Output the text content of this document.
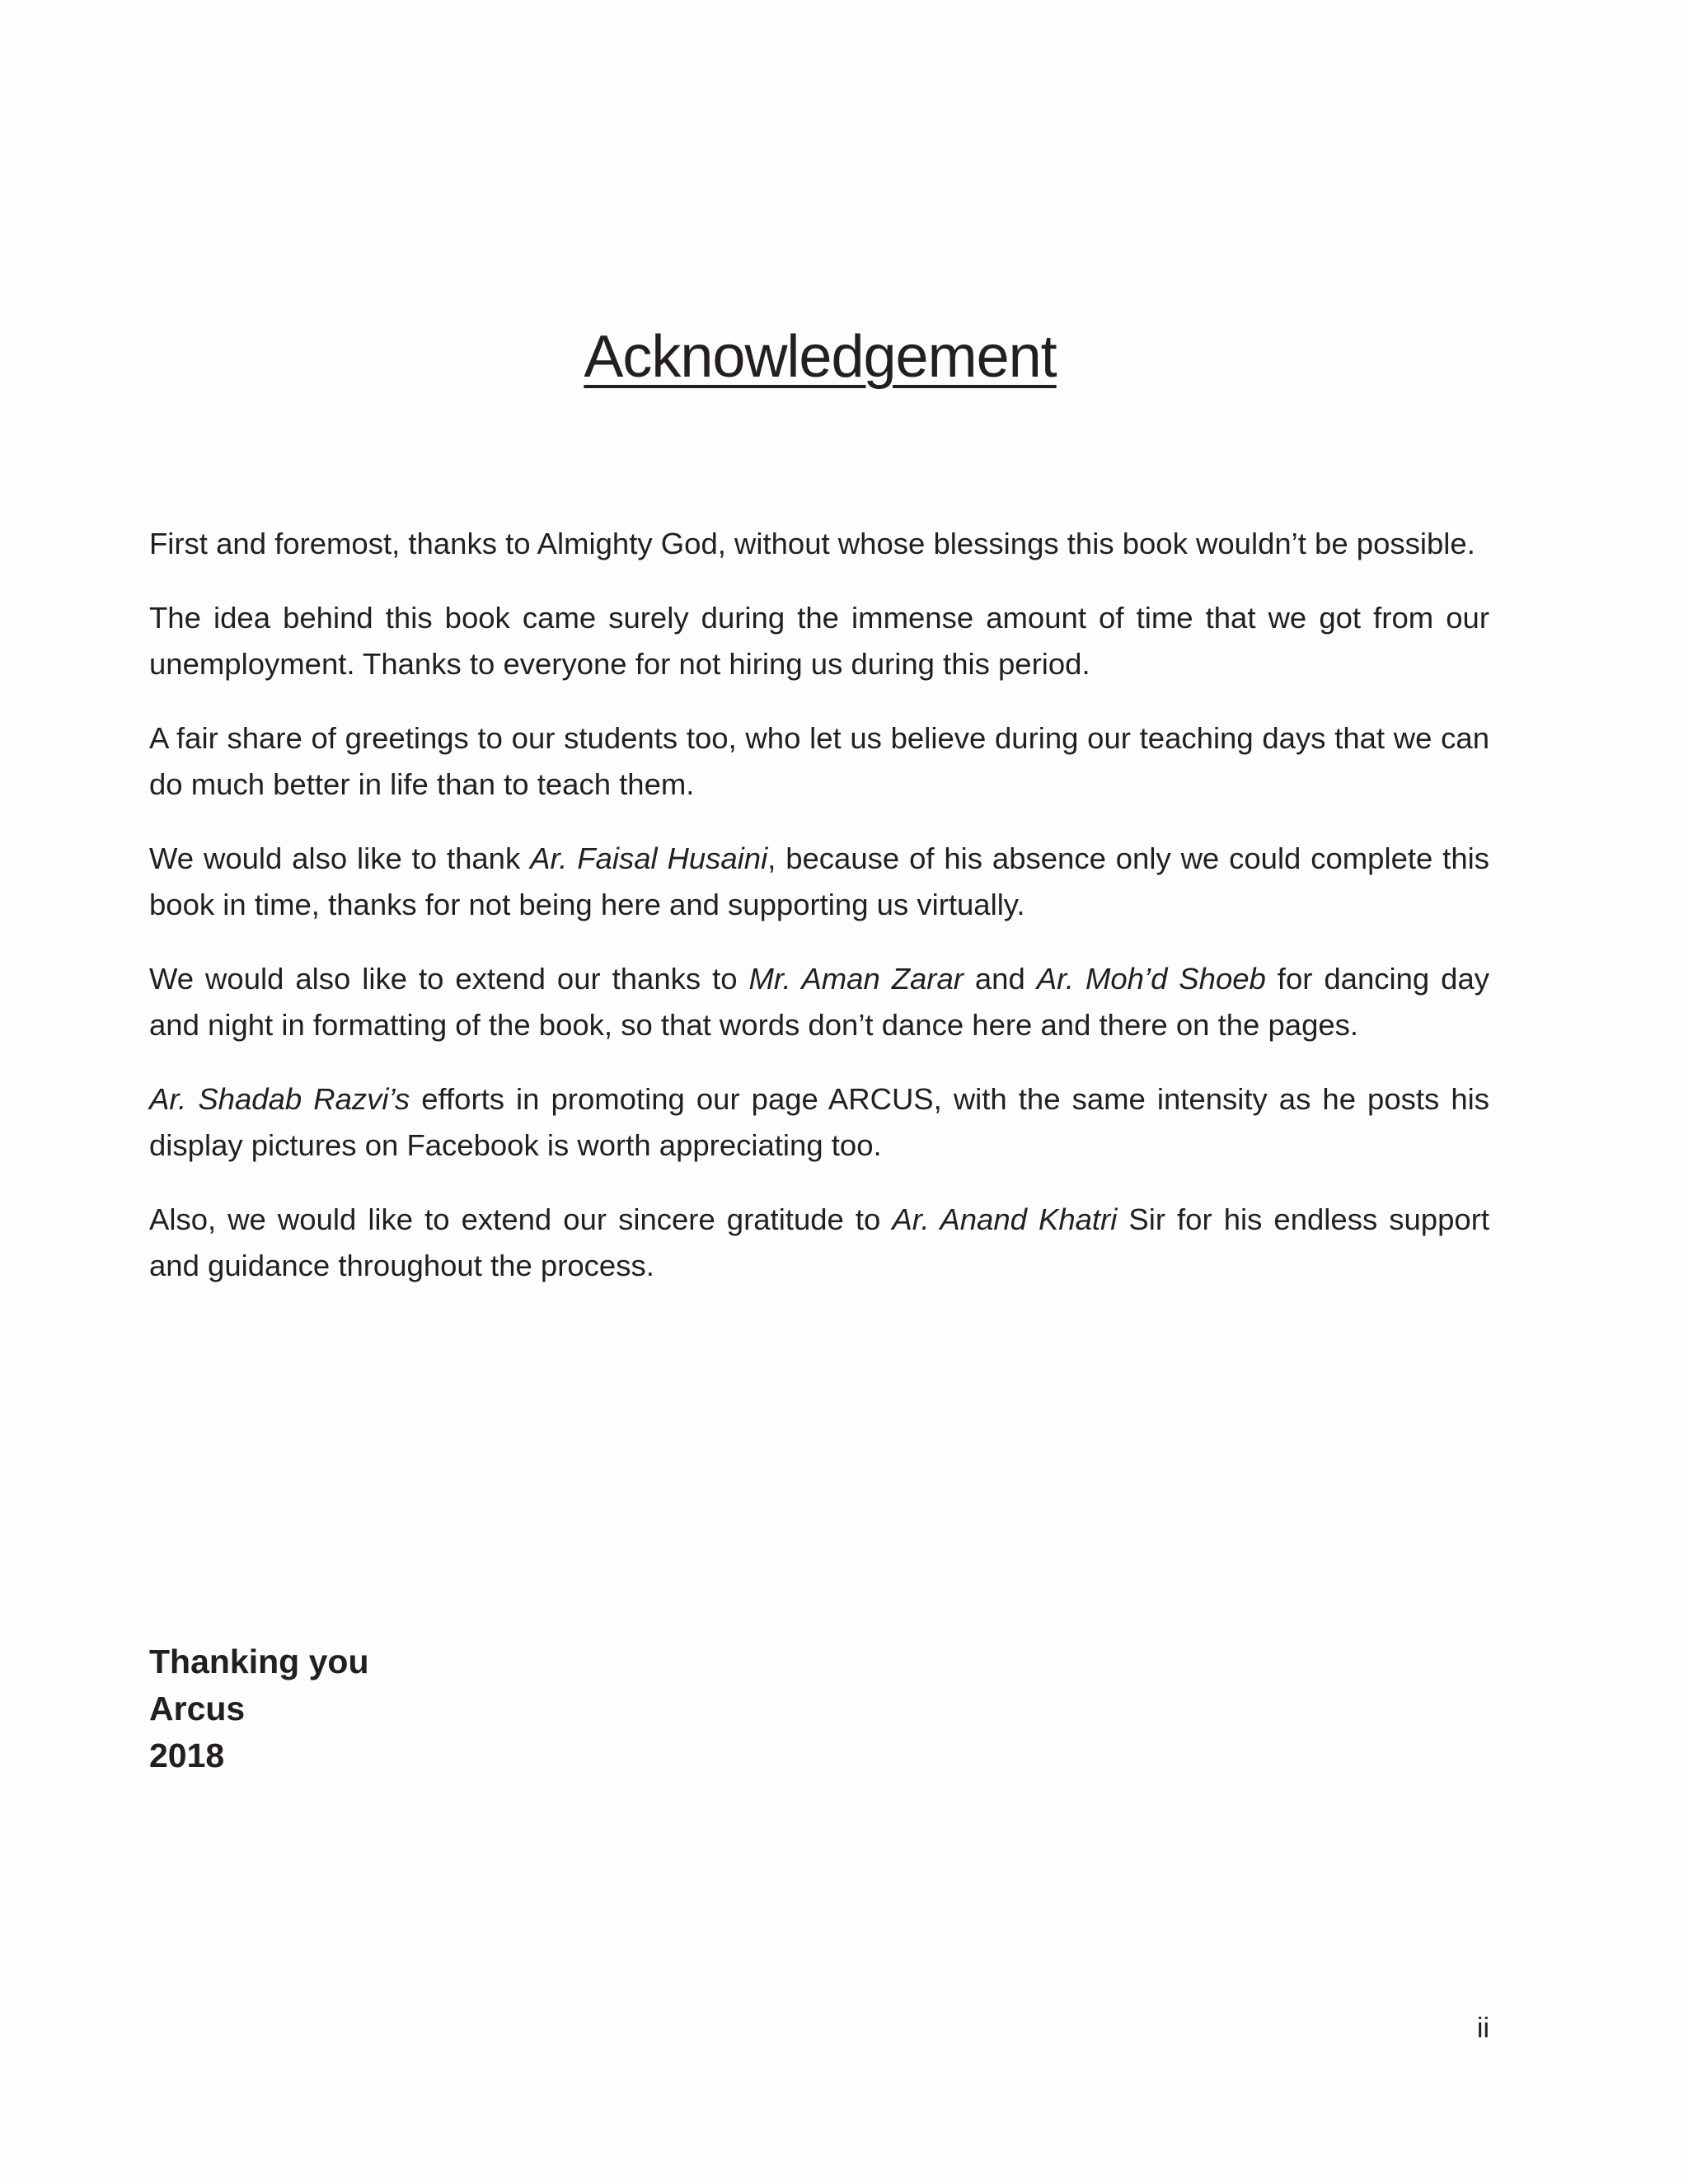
Acknowledgement

First and foremost, thanks to Almighty God, without whose blessings this book wouldn’t be possible.

The idea behind this book came surely during the immense amount of time that we got from our unemployment. Thanks to everyone for not hiring us during this period.

A fair share of greetings to our students too, who let us believe during our teaching days that we can do much better in life than to teach them.

We would also like to thank Ar. Faisal Husaini, because of his absence only we could complete this book in time, thanks for not being here and supporting us virtually.

We would also like to extend our thanks to Mr. Aman Zarar and Ar. Moh’d Shoeb for dancing day and night in formatting of the book, so that words don’t dance here and there on the pages.

Ar. Shadab Razvi’s efforts in promoting our page ARCUS, with the same intensity as he posts his display pictures on Facebook is worth appreciating too.

Also, we would like to extend our sincere gratitude to Ar. Anand Khatri Sir for his endless support and guidance throughout the process.

Thanking you
Arcus
2018
ii
